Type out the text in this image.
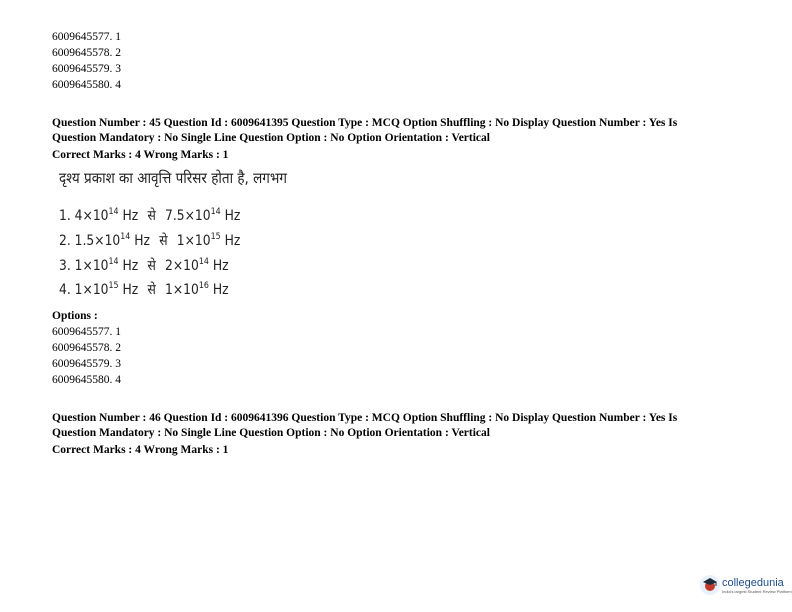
6009645577. 1
6009645578. 2
6009645579. 3
6009645580. 4
Question Number : 45 Question Id : 6009641395 Question Type : MCQ Option Shuffling : No Display Question Number : Yes Is
Question Mandatory : No Single Line Question Option : No Option Orientation : Vertical
Correct Marks : 4 Wrong Marks : 1
दृश्य प्रकाश का आवृत्ति परिसर होता है, लगभग
1. $4\times 10^{14}$ Hz से $7.5\times 10^{14}$ Hz
2. $1.5\times 10^{14}$ Hz से $1\times 10^{15}$ Hz
3. $1\times 10^{14}$ Hz से $2\times 10^{14}$ Hz
4. $1\times 10^{15}$ Hz से $1\times 10^{16}$ Hz
Options :
6009645577. 1
6009645578. 2
6009645579. 3
6009645580. 4
Question Number : 46 Question Id : 6009641396 Question Type : MCQ Option Shuffling : No Display Question Number : Yes Is
Question Mandatory : No Single Line Question Option : No Option Orientation : Vertical
Correct Marks : 4 Wrong Marks : 1
collegedunia
India's largest Student Review Platform
